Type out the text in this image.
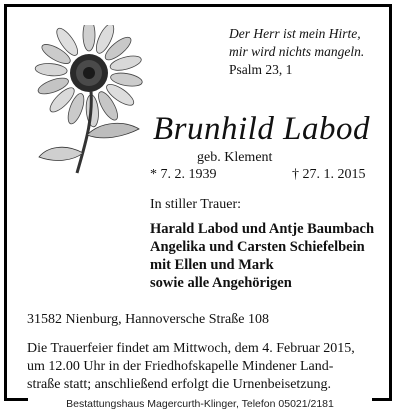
Der Herr ist mein Hirte,
mir wird nichts mangeln.
Psalm 23, 1
Brunhild Labod
geb. Klement
* 7. 2. 1939	† 27. 1. 2015
In stiller Trauer:
Harald Labod und Antje Baumbach
Angelika und Carsten Schiefelbein
mit Ellen und Mark
sowie alle Angehörigen
31582 Nienburg, Hannoversche Straße 108
Die Trauerfeier findet am Mittwoch, dem 4. Februar 2015,
um 12.00 Uhr in der Friedhofskapelle Mindener Land-
straße statt; anschließend erfolgt die Urnenbeisetzung.
Bestattungshaus Magercurth-Klinger, Telefon 05021/2181
